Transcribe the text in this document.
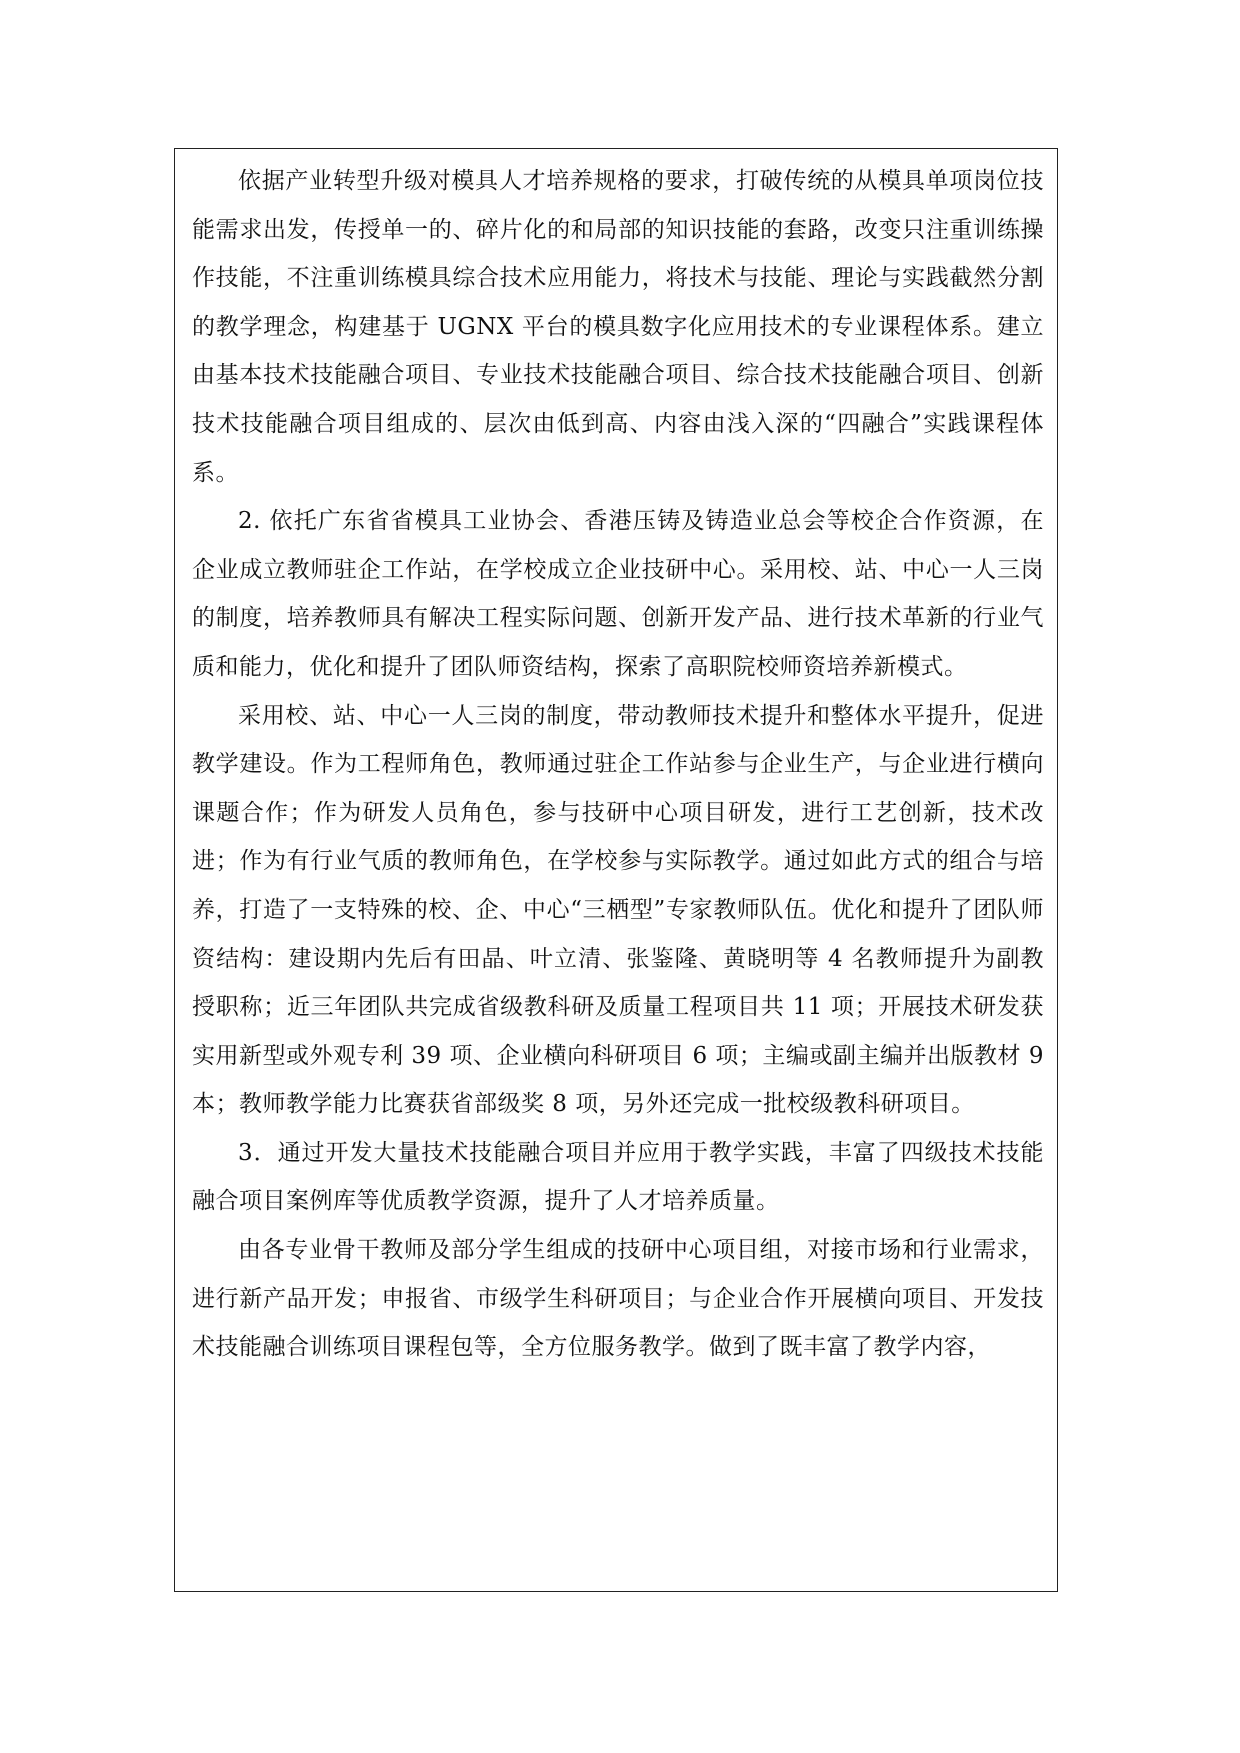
依据产业转型升级对模具人才培养规格的要求，打破传统的从模具单项岗位技能需求出发，传授单一的、碎片化的和局部的知识技能的套路，改变只注重训练操作技能，不注重训练模具综合技术应用能力，将技术与技能、理论与实践截然分割的教学理念，构建基于 UGNX 平台的模具数字化应用技术的专业课程体系。建立由基本技术技能融合项目、专业技术技能融合项目、综合技术技能融合项目、创新技术技能融合项目组成的、层次由低到高、内容由浅入深的“四融合”实践课程体系。

2. 依托广东省省模具工业协会、香港压铸及铸造业总会等校企合作资源，在企业成立教师驻企工作站，在学校成立企业技研中心。采用校、站、中心一人三岗的制度，培养教师具有解决工程实际问题、创新开发产品、进行技术革新的行业气质和能力，优化和提升了团队师资结构，探索了高职院校师资培养新模式。

采用校、站、中心一人三岗的制度，带动教师技术提升和整体水平提升，促进教学建设。作为工程师角色，教师通过驻企工作站参与企业生产，与企业进行横向课题合作；作为研发人员角色，参与技研中心项目研发，进行工艺创新，技术改进；作为有行业气质的教师角色，在学校参与实际教学。通过如此方式的组合与培养，打造了一支特殊的校、企、中心“三栖型”专家教师队伍。优化和提升了团队师资结构：建设期内先后有田晶、叶立清、张鉴隆、黄晓明等 4 名教师提升为副教授职称；近三年团队共完成省级教科研及质量工程项目共 11 项；开展技术研发获实用新型或外观专利 39 项、企业横向科研项目 6 项；主编或副主编并出版教材 9 本；教师教学能力比赛获省部级奖 8 项，另外还完成一批校级教科研项目。

3．通过开发大量技术技能融合项目并应用于教学实践，丰富了四级技术技能融合项目案例库等优质教学资源，提升了人才培养质量。

由各专业骨干教师及部分学生组成的技研中心项目组，对接市场和行业需求，进行新产品开发；申报省、市级学生科研项目；与企业合作开展横向项目、开发技术技能融合训练项目课程包等，全方位服务教学。做到了既丰富了教学内容，
